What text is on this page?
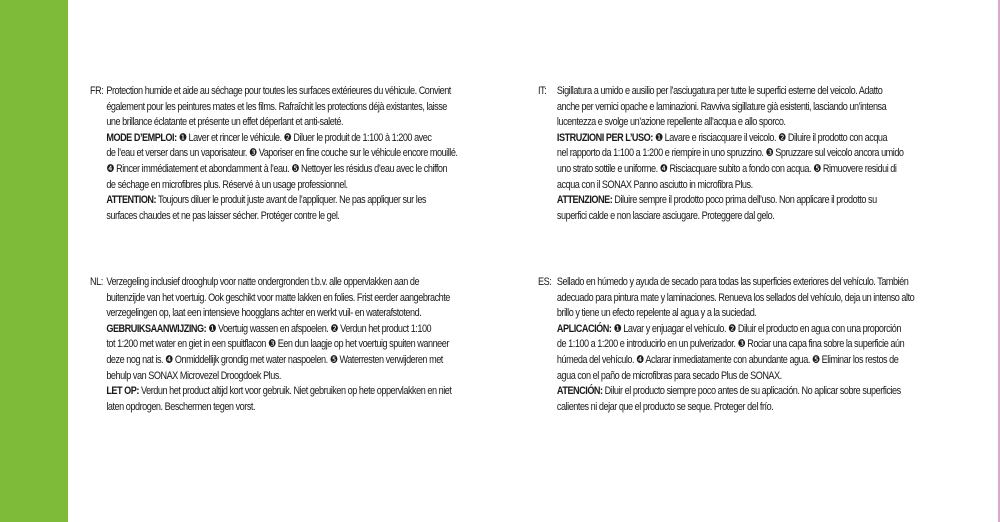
FR: Protection humide et aide au séchage pour toutes les surfaces extérieures du véhicule. Convient
également pour les peintures mates et les films. Rafraîchit les protections déjà existantes, laisse
une brillance éclatante et présente un effet déperlant et anti-saleté.
MODE D’EMPLOI: ❶ Laver et rincer le véhicule. ❷ Diluer le produit de 1:100 à 1:200 avec
de l’eau et verser dans un vaporisateur. ❸ Vaporiser en fine couche sur le véhicule encore mouillé.
❹ Rincer immédiatement et abondamment à l’eau. ❺ Nettoyer les résidus d’eau avec le chiffon
de séchage en microfibres plus. Réservé à un usage professionnel.
ATTENTION: Toujours diluer le produit juste avant de l’appliquer. Ne pas appliquer sur les
surfaces chaudes et ne pas laisser sécher. Protéger contre le gel.
NL: Verzegeling inclusief drooghulp voor natte ondergronden t.b.v. alle oppervlakken aan de
buitenzijde van het voertuig. Ook geschikt voor matte lakken en folies. Frist eerder aangebrachte
verzegelingen op, laat een intensieve hoogglans achter en werkt vuil- en waterafstotend.
GEBRUIKSAANWIJZING: ❶ Voertuig wassen en afspoelen. ❷ Verdun het product 1:100
tot 1:200 met water en giet in een spuitflacon ❸ Een dun laagje op het voertuig spuiten wanneer
deze nog nat is. ❹ Onmiddellijk grondig met water naspoelen. ❺ Waterresten verwijderen met
behulp van SONAX Microvezel Droogdoek Plus.
LET OP: Verdun het product altijd kort voor gebruik. Niet gebruiken op hete oppervlakken en niet
laten opdrogen. Beschermen tegen vorst.
IT: Sigillatura a umido e ausilio per l’asciugatura per tutte le superfici esterne del veicolo. Adatto
anche per vernici opache e laminazioni. Ravviva sigillature già esistenti, lasciando un’intensa
lucentezza e svolge un’azione repellente all’acqua e allo sporco.
ISTRUZIONI PER L’USO: ❶ Lavare e risciacquare il veicolo. ❷ Diluire il prodotto con acqua
nel rapporto da 1:100 a 1:200 e riempire in uno spruzzino. ❸ Spruzzare sul veicolo ancora umido
uno strato sottile e uniforme. ❹ Risciacquare subito a fondo con acqua. ❺ Rimuovere residui di
acqua con il SONAX Panno asciutto in microfibra Plus.
ATTENZIONE: Diluire sempre il prodotto poco prima dell’uso. Non applicare il prodotto su
superfici calde e non lasciare asciugare. Proteggere dal gelo.
ES: Sellado en húmedo y ayuda de secado para todas las superficies exteriores del vehículo. También
adecuado para pintura mate y laminaciones. Renueva los sellados del vehículo, deja un intenso alto
brillo y tiene un efecto repelente al agua y a la suciedad.
APLICACIÓN: ❶ Lavar y enjuagar el vehículo. ❷ Diluir el producto en agua con una proporción
de 1:100 a 1:200 e introducirlo en un pulverizador. ❸ Rociar una capa fina sobre la superficie aún
húmeda del vehículo. ❹ Aclarar inmediatamente con abundante agua. ❺ Eliminar los restos de
agua con el paño de microfibras para secado Plus de SONAX.
ATENCIÓN: Diluir el producto siempre poco antes de su aplicación. No aplicar sobre superficies
calientes ni dejar que el producto se seque. Proteger del frío.
